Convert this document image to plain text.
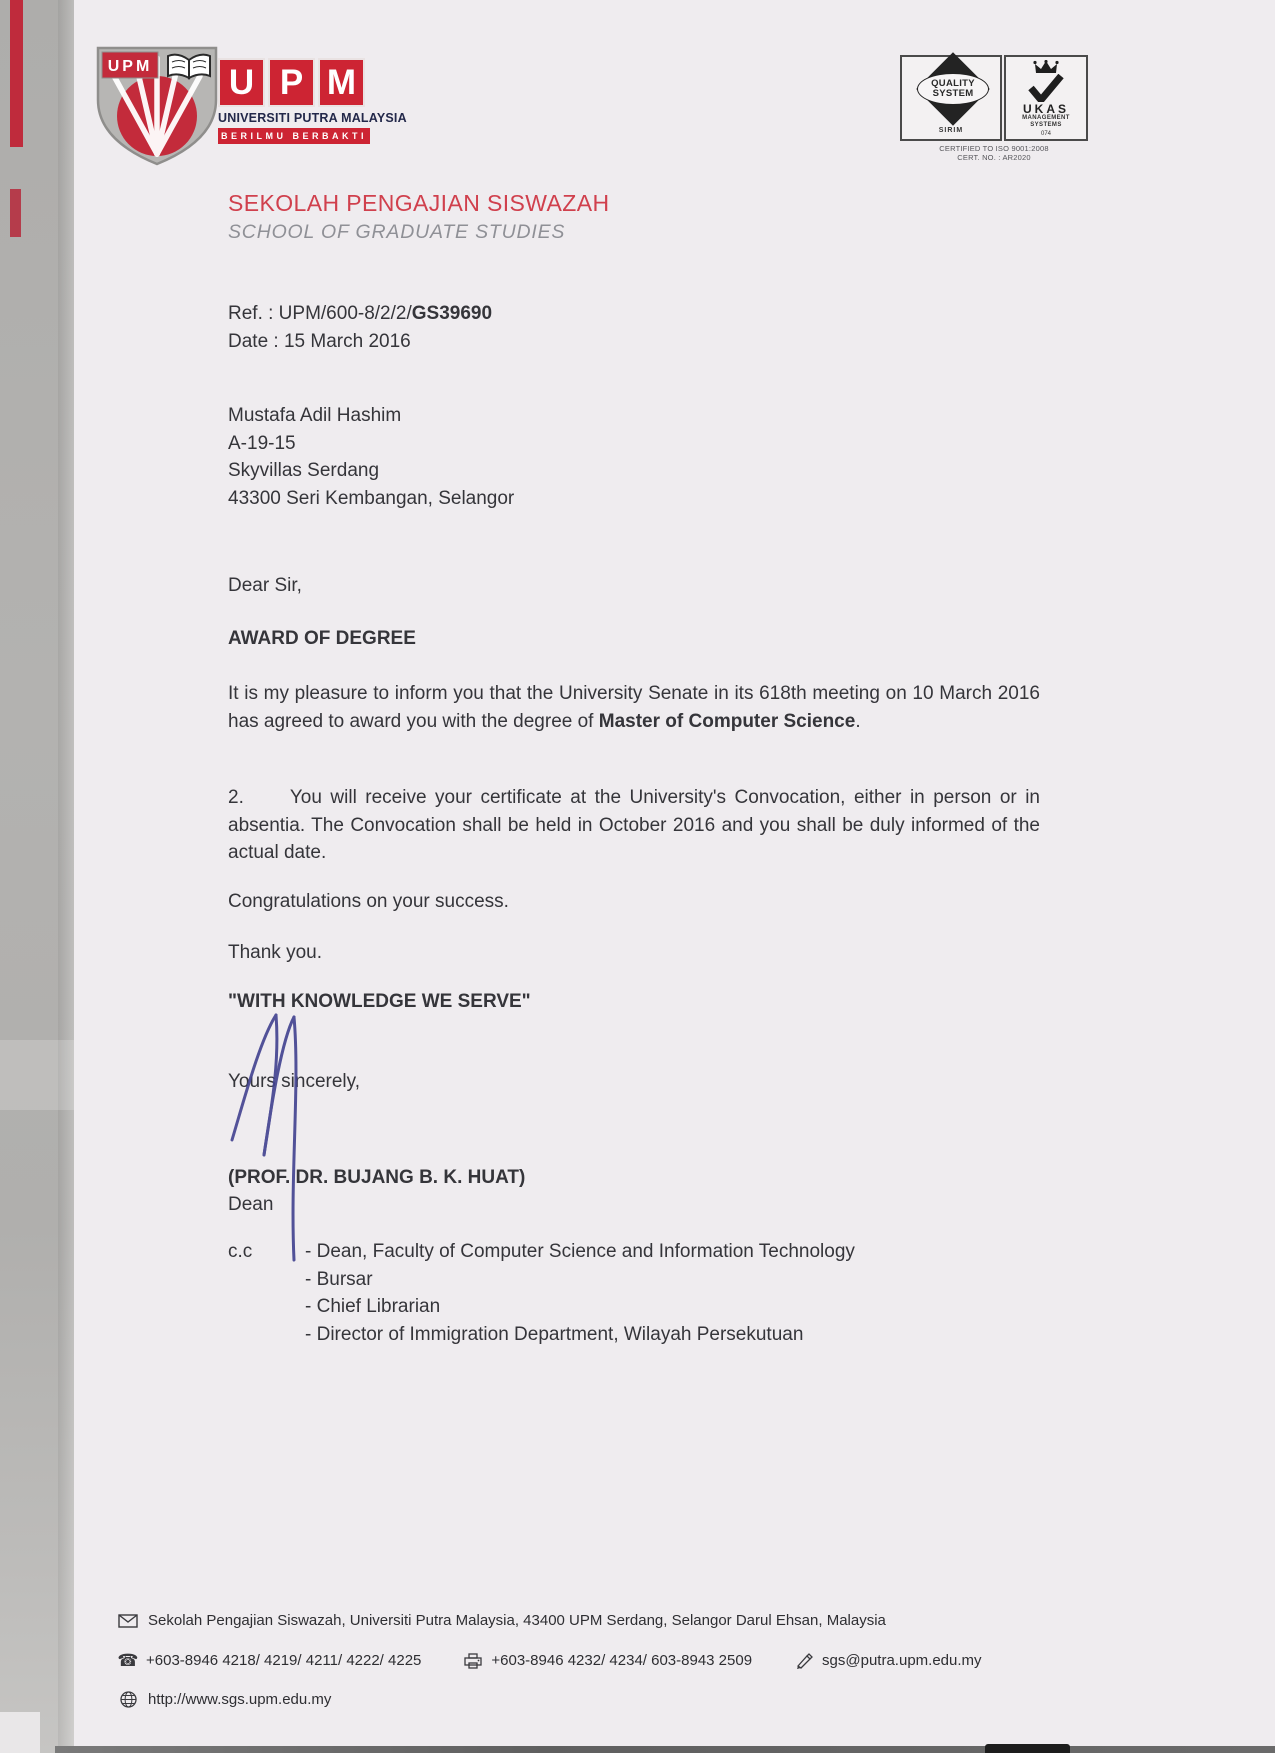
UPM	U P M
UNIVERSITI PUTRA MALAYSIA
BERILMU BERBAKTI
QUALITY
SYSTEM
SIRIM
UKAS
MANAGEMENT
SYSTEMS
074
CERTIFIED TO ISO 9001:2008
CERT. NO. : AR2020
SEKOLAH PENGAJIAN SISWAZAH
SCHOOL OF GRADUATE STUDIES
Ref. : UPM/600-8/2/2/GS39690
Date : 15 March 2016
Mustafa Adil Hashim
A-19-15
Skyvillas Serdang
43300 Seri Kembangan, Selangor
Dear Sir,
AWARD OF DEGREE
It is my pleasure to inform you that the University Senate in its 618th meeting on 10 March 2016 has agreed to award you with the degree of Master of Computer Science.
2. You will receive your certificate at the University's Convocation, either in person or in absentia. The Convocation shall be held in October 2016 and you shall be duly informed of the actual date.
Congratulations on your success.
Thank you.
"WITH KNOWLEDGE WE SERVE"
Yours sincerely,
(PROF. DR. BUJANG B. K. HUAT)
Dean
c.c	- Dean, Faculty of Computer Science and Information Technology
- Bursar
- Chief Librarian
- Director of Immigration Department, Wilayah Persekutuan
Sekolah Pengajian Siswazah, Universiti Putra Malaysia, 43400 UPM Serdang, Selangor Darul Ehsan, Malaysia
☎ +603-8946 4218/ 4219/ 4211/ 4222/ 4225	+603-8946 4232/ 4234/ 603-8943 2509	sgs@putra.upm.edu.my
http://www.sgs.upm.edu.my
